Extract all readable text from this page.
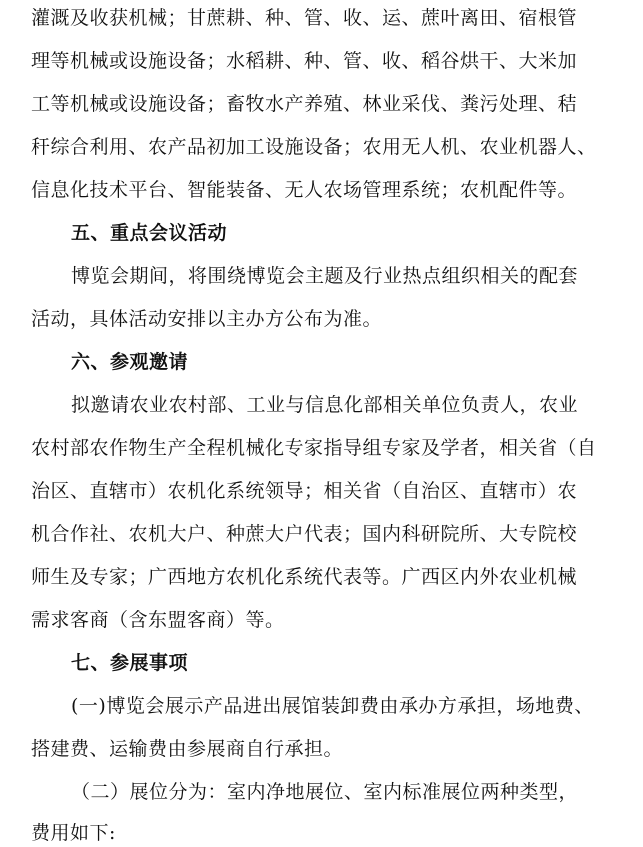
灌溉及收获机械；甘蔗耕、种、管、收、运、蔗叶离田、宿根管
理等机械或设施设备；水稻耕、种、管、收、稻谷烘干、大米加
工等机械或设施设备；畜牧水产养殖、林业采伐、粪污处理、秸
秆综合利用、农产品初加工设施设备；农用无人机、农业机器人、
信息化技术平台、智能装备、无人农场管理系统；农机配件等。
五、重点会议活动
博览会期间，将围绕博览会主题及行业热点组织相关的配套
活动，具体活动安排以主办方公布为准。
六、参观邀请
拟邀请农业农村部、工业与信息化部相关单位负责人，农业
农村部农作物生产全程机械化专家指导组专家及学者，相关省（自
治区、直辖市）农机化系统领导；相关省（自治区、直辖市）农
机合作社、农机大户、种蔗大户代表；国内科研院所、大专院校
师生及专家；广西地方农机化系统代表等。广西区内外农业机械
需求客商（含东盟客商）等。
七、参展事项
(一)博览会展示产品进出展馆装卸费由承办方承担，场地费、
搭建费、运输费由参展商自行承担。
（二）展位分为：室内净地展位、室内标准展位两种类型，
费用如下:
